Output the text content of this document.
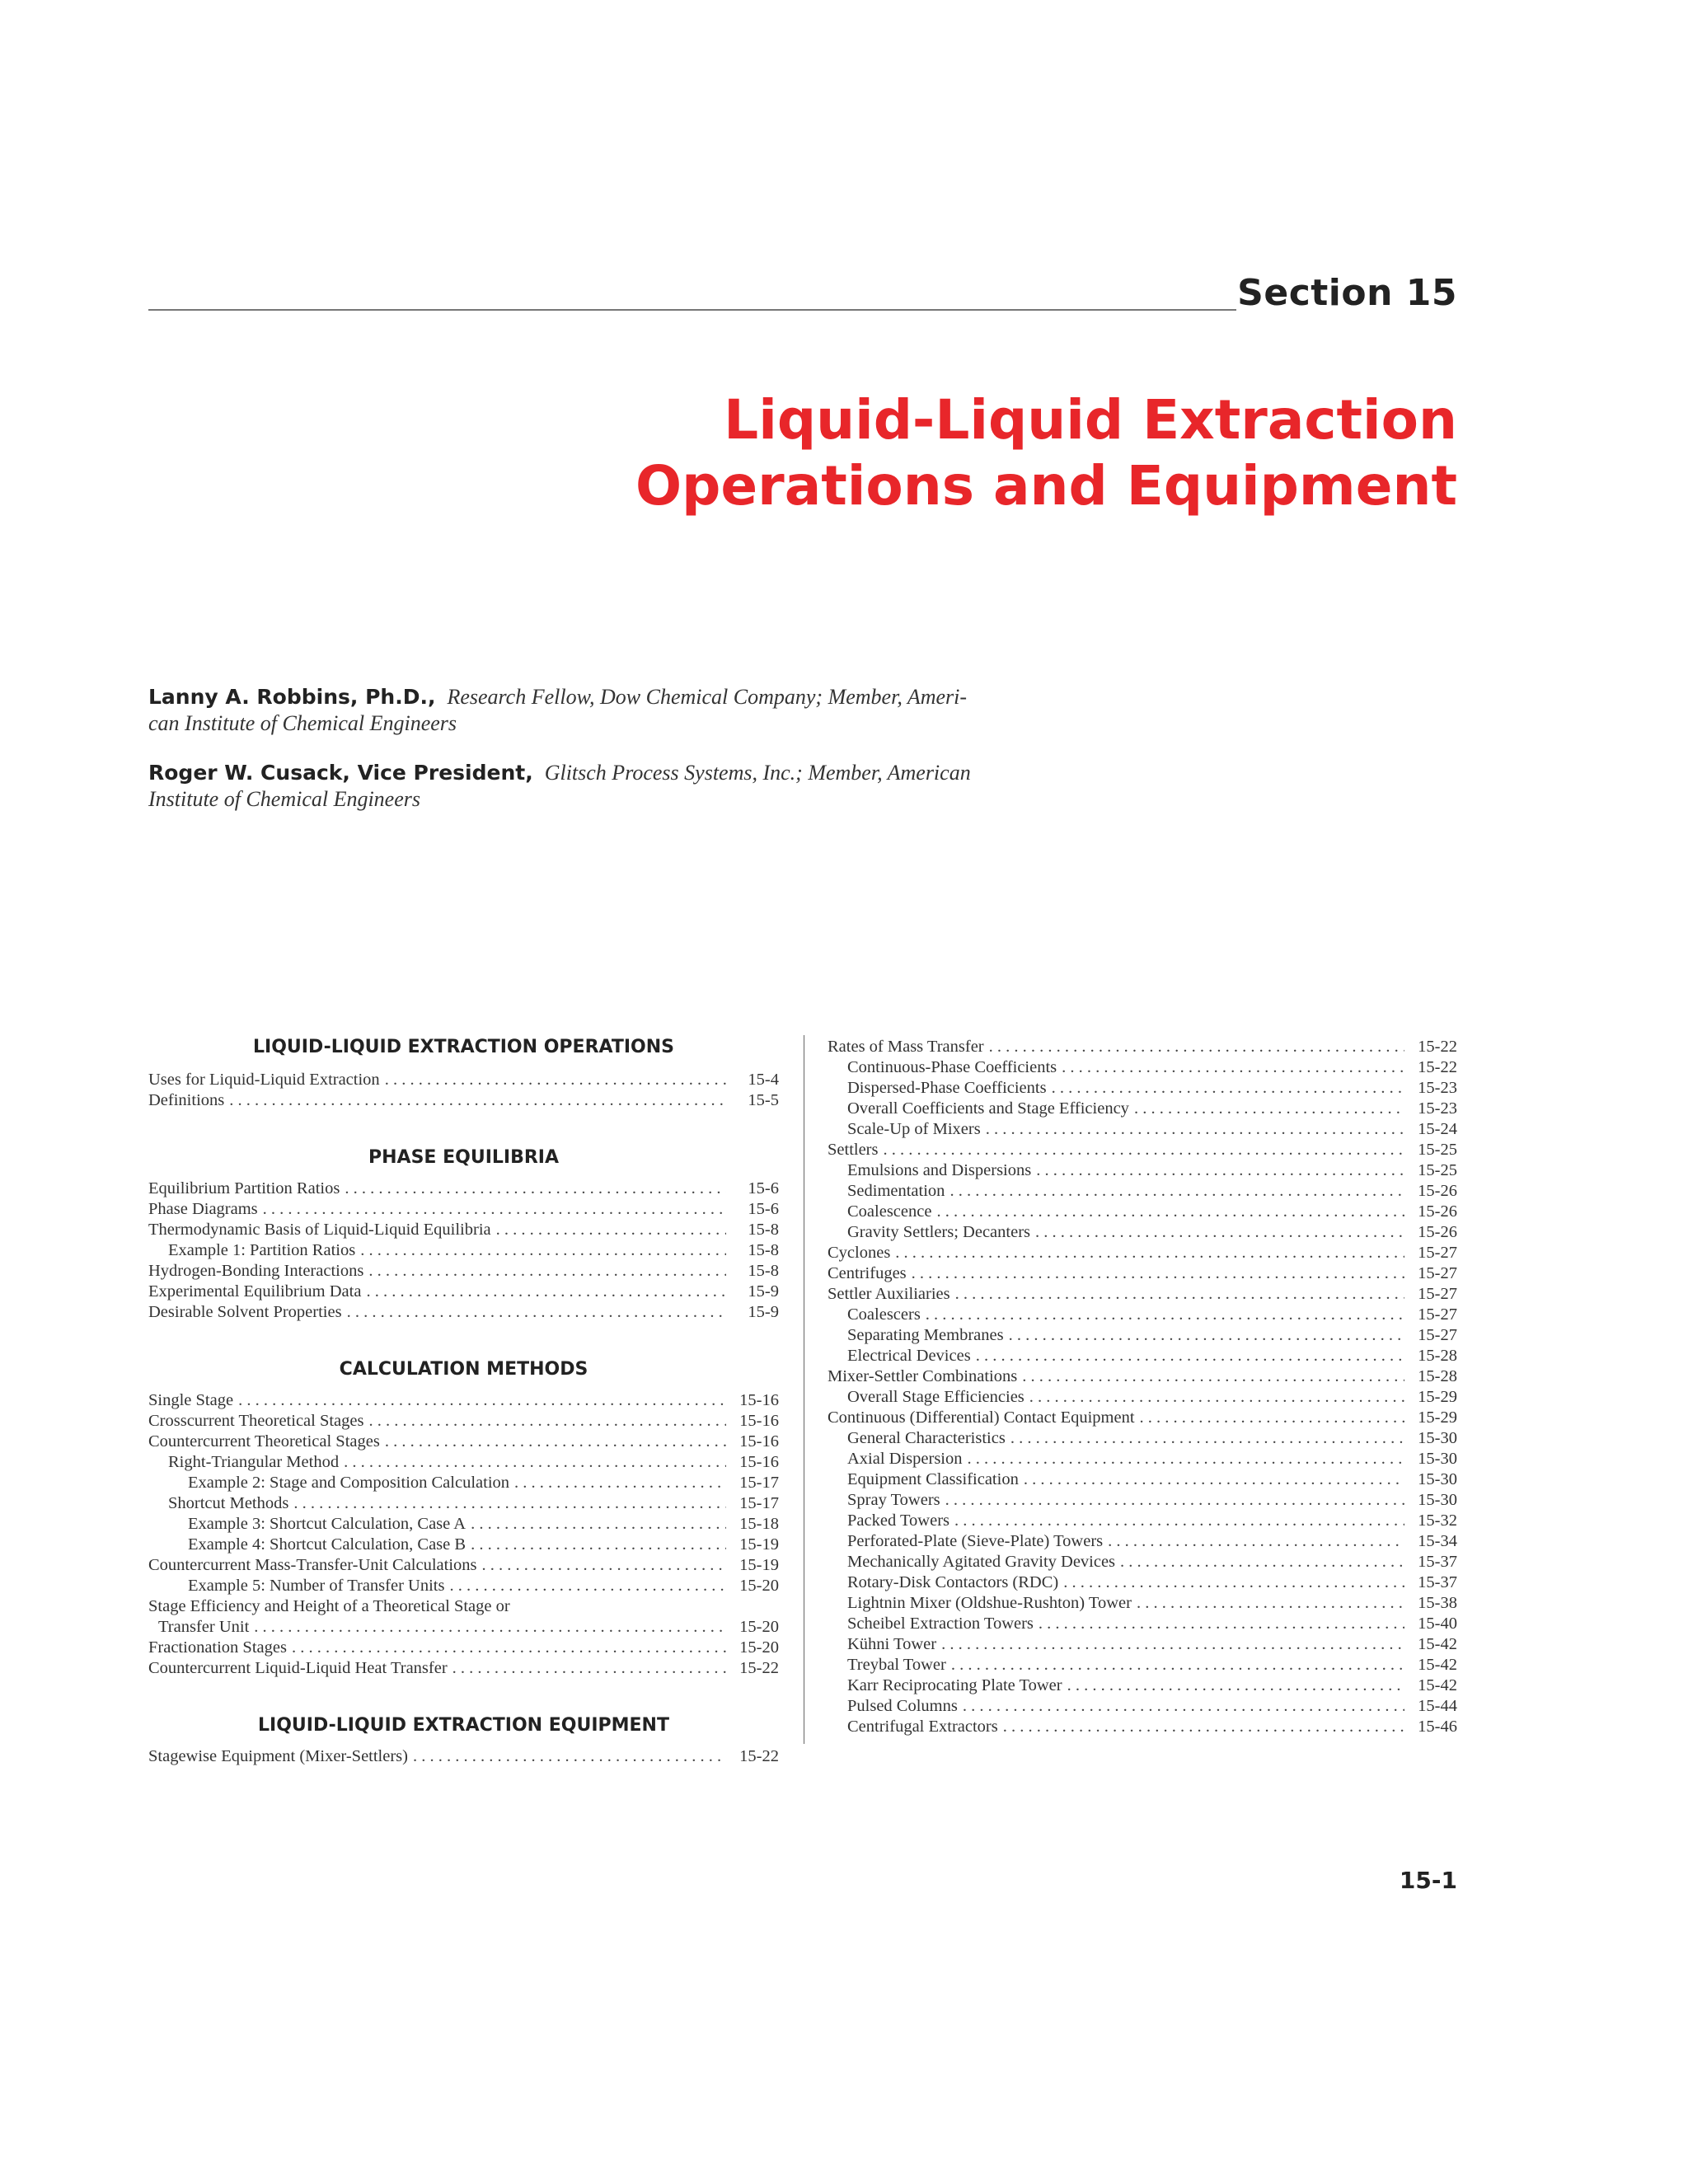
Section 15
Liquid-Liquid Extraction
Operations and Equipment
Lanny A. Robbins, Ph.D., Research Fellow, Dow Chemical Company; Member, Ameri-
can Institute of Chemical Engineers
Roger W. Cusack, Vice President, Glitsch Process Systems, Inc.; Member, American
Institute of Chemical Engineers
LIQUID-LIQUID EXTRACTION OPERATIONS
Uses for Liquid-Liquid Extraction . . .	15-4
Definitions . . .	15-5
PHASE EQUILIBRIA
Equilibrium Partition Ratios . . .	15-6
Phase Diagrams . . .	15-6
Thermodynamic Basis of Liquid-Liquid Equilibria . . .	15-8
Example 1: Partition Ratios . . .	15-8
Hydrogen-Bonding Interactions . . .	15-8
Experimental Equilibrium Data . . .	15-9
Desirable Solvent Properties . . .	15-9
CALCULATION METHODS
Single Stage . . .	15-16
Crosscurrent Theoretical Stages . . .	15-16
Countercurrent Theoretical Stages . . .	15-16
Right-Triangular Method . . .	15-16
Example 2: Stage and Composition Calculation . . .	15-17
Shortcut Methods . . .	15-17
Example 3: Shortcut Calculation, Case A . . .	15-18
Example 4: Shortcut Calculation, Case B . . .	15-19
Countercurrent Mass-Transfer-Unit Calculations . . .	15-19
Example 5: Number of Transfer Units . . .	15-20
Stage Efficiency and Height of a Theoretical Stage or
Transfer Unit . . .	15-20
Fractionation Stages . . .	15-20
Countercurrent Liquid-Liquid Heat Transfer . . .	15-22
LIQUID-LIQUID EXTRACTION EQUIPMENT
Stagewise Equipment (Mixer-Settlers) . . .	15-22
Rates of Mass Transfer . . .	15-22
Continuous-Phase Coefficients . . .	15-22
Dispersed-Phase Coefficients . . .	15-23
Overall Coefficients and Stage Efficiency . . .	15-23
Scale-Up of Mixers . . .	15-24
Settlers . . .	15-25
Emulsions and Dispersions . . .	15-25
Sedimentation . . .	15-26
Coalescence . . .	15-26
Gravity Settlers; Decanters . . .	15-26
Cyclones . . .	15-27
Centrifuges . . .	15-27
Settler Auxiliaries . . .	15-27
Coalescers . . .	15-27
Separating Membranes . . .	15-27
Electrical Devices . . .	15-28
Mixer-Settler Combinations . . .	15-28
Overall Stage Efficiencies . . .	15-29
Continuous (Differential) Contact Equipment . . .	15-29
General Characteristics . . .	15-30
Axial Dispersion . . .	15-30
Equipment Classification . . .	15-30
Spray Towers . . .	15-30
Packed Towers . . .	15-32
Perforated-Plate (Sieve-Plate) Towers . . .	15-34
Mechanically Agitated Gravity Devices . . .	15-37
Rotary-Disk Contactors (RDC) . . .	15-37
Lightnin Mixer (Oldshue-Rushton) Tower . . .	15-38
Scheibel Extraction Towers . . .	15-40
Kühni Tower . . .	15-42
Treybal Tower . . .	15-42
Karr Reciprocating Plate Tower . . .	15-42
Pulsed Columns . . .	15-44
Centrifugal Extractors . . .	15-46
15-1
